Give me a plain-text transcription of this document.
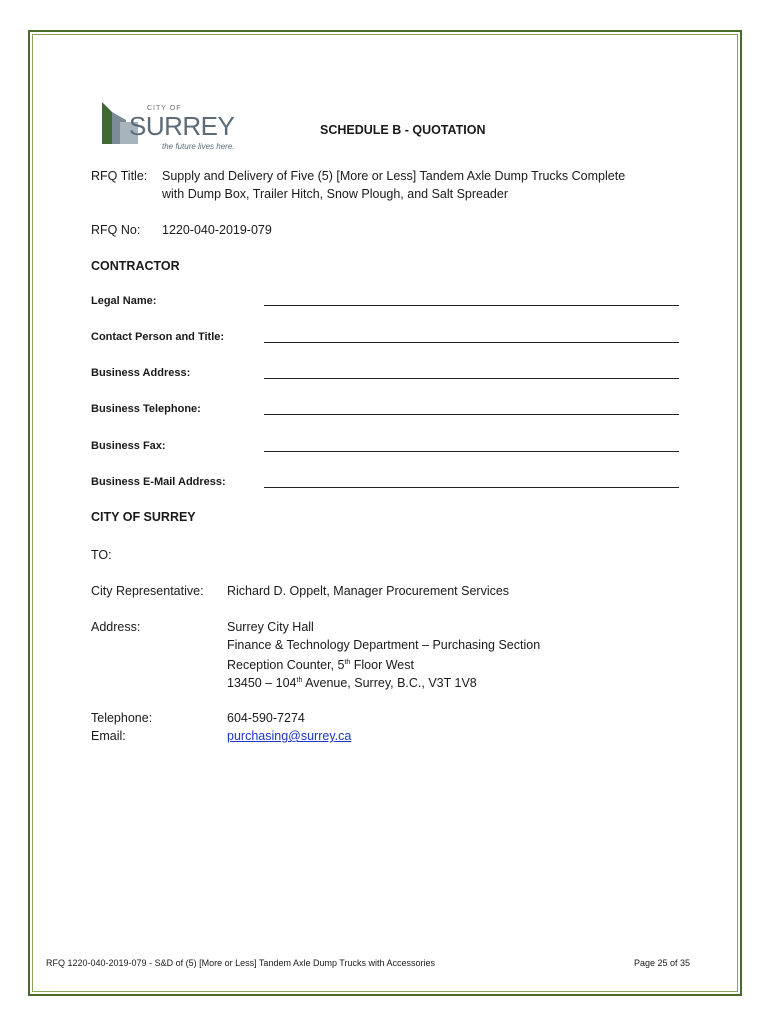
CITY OF
SURREY
the future lives here.
SCHEDULE B - QUOTATION
RFQ Title: Supply and Delivery of Five (5) [More or Less] Tandem Axle Dump Trucks Complete
with Dump Box, Trailer Hitch, Snow Plough, and Salt Spreader
RFQ No: 1220-040-2019-079
CONTRACTOR
Legal Name:
Contact Person and Title:
Business Address:
Business Telephone:
Business Fax:
Business E-Mail Address:
CITY OF SURREY
TO:
City Representative: Richard D. Oppelt, Manager Procurement Services
Address:	Surrey City Hall
Finance & Technology Department – Purchasing Section
Reception Counter, 5th Floor West
13450 – 104th Avenue, Surrey, B.C., V3T 1V8
Telephone:	604-590-7274
Email:	purchasing@surrey.ca
RFQ 1220-040-2019-079 - S&D of (5) [More or Less] Tandem Axle Dump Trucks with Accessories	Page 25 of 35
